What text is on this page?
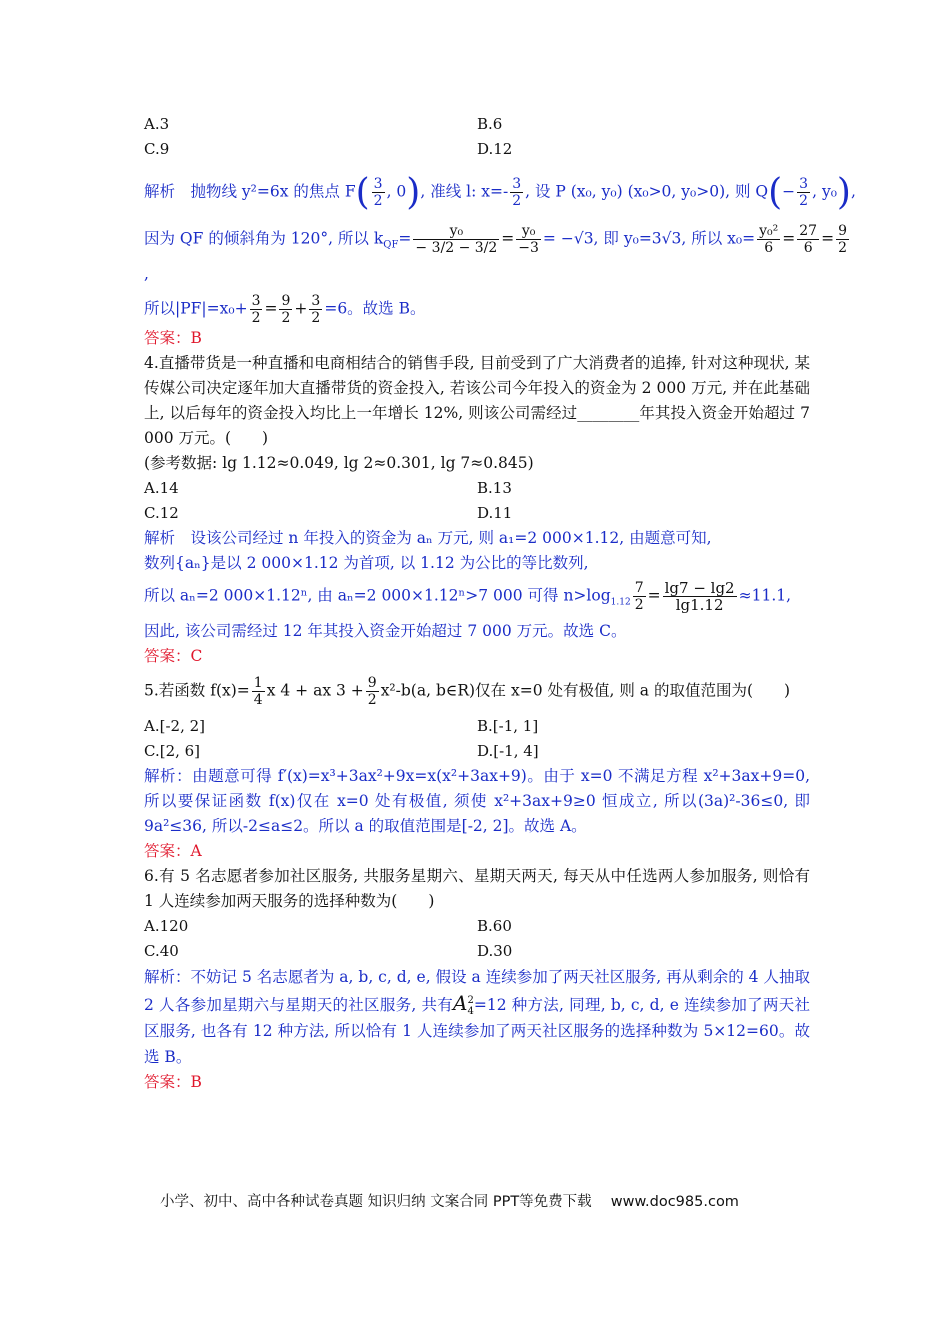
A.3	B.6
C.9	D.12
解析　抛物线 y²=6x 的焦点 $F( \frac{3}{2}$ , 0), 准线 l: $x=- \frac{3}{2}$ , 设 P (x₀, y₀) (x₀>0, y₀>0), 则 $Q(- \frac{3}{2}$ , y₀),
因为 QF 的倾斜角为 120°, 所以 $k_{QF}= \frac{\text{y₀}}{- 3/2 - 3/2} = \frac{\text{y₀}}{-3} = -√3$, 即 y₀=3√3, 所以 $x_0= \frac{\text{y₀²}}{6} = \frac{27}{6} = \frac{9}{2}$
,
所以$|PF|=x_0+ \frac{3}{2} = \frac{9}{2} + \frac{3}{2} =6$。故选 B。
答案：B
4.直播带货是一种直播和电商相结合的销售手段, 目前受到了广大消费者的追捧, 针对这种现状, 某传媒公司决定逐年加大直播带货的资金投入, 若该公司今年投入的资金为 2 000 万元, 并在此基础上, 以后每年的资金投入均比上一年增长 12%, 则该公司需经过________年其投入资金开始超过 7 000 万元。(　　)
(参考数据: lg 1.12≈0.049, lg 2≈0.301, lg 7≈0.845)
A.14	B.13
C.12	D.11
解析　设该公司经过 n 年投入的资金为 aₙ 万元, 则 a₁=2 000×1.12, 由题意可知,
数列{aₙ}是以 2 000×1.12 为首项, 以 1.12 为公比的等比数列,
所以 aₙ=2 000×1.12ⁿ, 由 aₙ=2 000×1.12ⁿ>7 000 可得 $n>\log_{1.12} \frac{7}{2} = \frac{\lg 7 - \lg 2}{\lg 1.12} \approx 11.1$,
因此, 该公司需经过 12 年其投入资金开始超过 7 000 万元。故选 C。
答案：C
5.若函数 $f(x)= \frac{1}{4}$ x 4 + ax $3 + \frac{9}{2} x^2-b(a$, b∈R)仅在 x=0 处有极值, 则 a 的取值范围为(　　)
A.[-2, 2]	B.[-1, 1]
C.[2, 6]	D.[-1, 4]
解析：由题意可得 f′(x)=x³+3ax²+9x=x(x²+3ax+9)。由于 x=0 不满足方程 x²+3ax+9=0, 所以要保证函数 f(x)仅在 x=0 处有极值, 须使 x²+3ax+9≥0 恒成立, 所以(3a)²-36≤0, 即 9a²≤36, 所以-2≤a≤2。所以 a 的取值范围是[-2, 2]。故选 A。
答案：A
6.有 5 名志愿者参加社区服务, 共服务星期六、星期天两天, 每天从中任选两人参加服务, 则恰有 1 人连续参加两天服务的选择种数为(　　)
A.120	B.60
C.40	D.30
解析：不妨记 5 名志愿者为 a, b, c, d, e, 假设 a 连续参加了两天社区服务, 再从剩余的 4 人抽取 2 人各参加星期六与星期天的社区服务, 共有A 2
4 =12 种方法, 同理, b, c, d, e 连续参加了两天社区服务, 也各有 12 种方法, 所以恰有 1 人连续参加了两天社区服务的选择种数为 5×12=60。故选 B。
答案：B
小学、初中、高中各种试卷真题 知识归纳 文案合同 PPT等免费下载　 www.doc985.com
